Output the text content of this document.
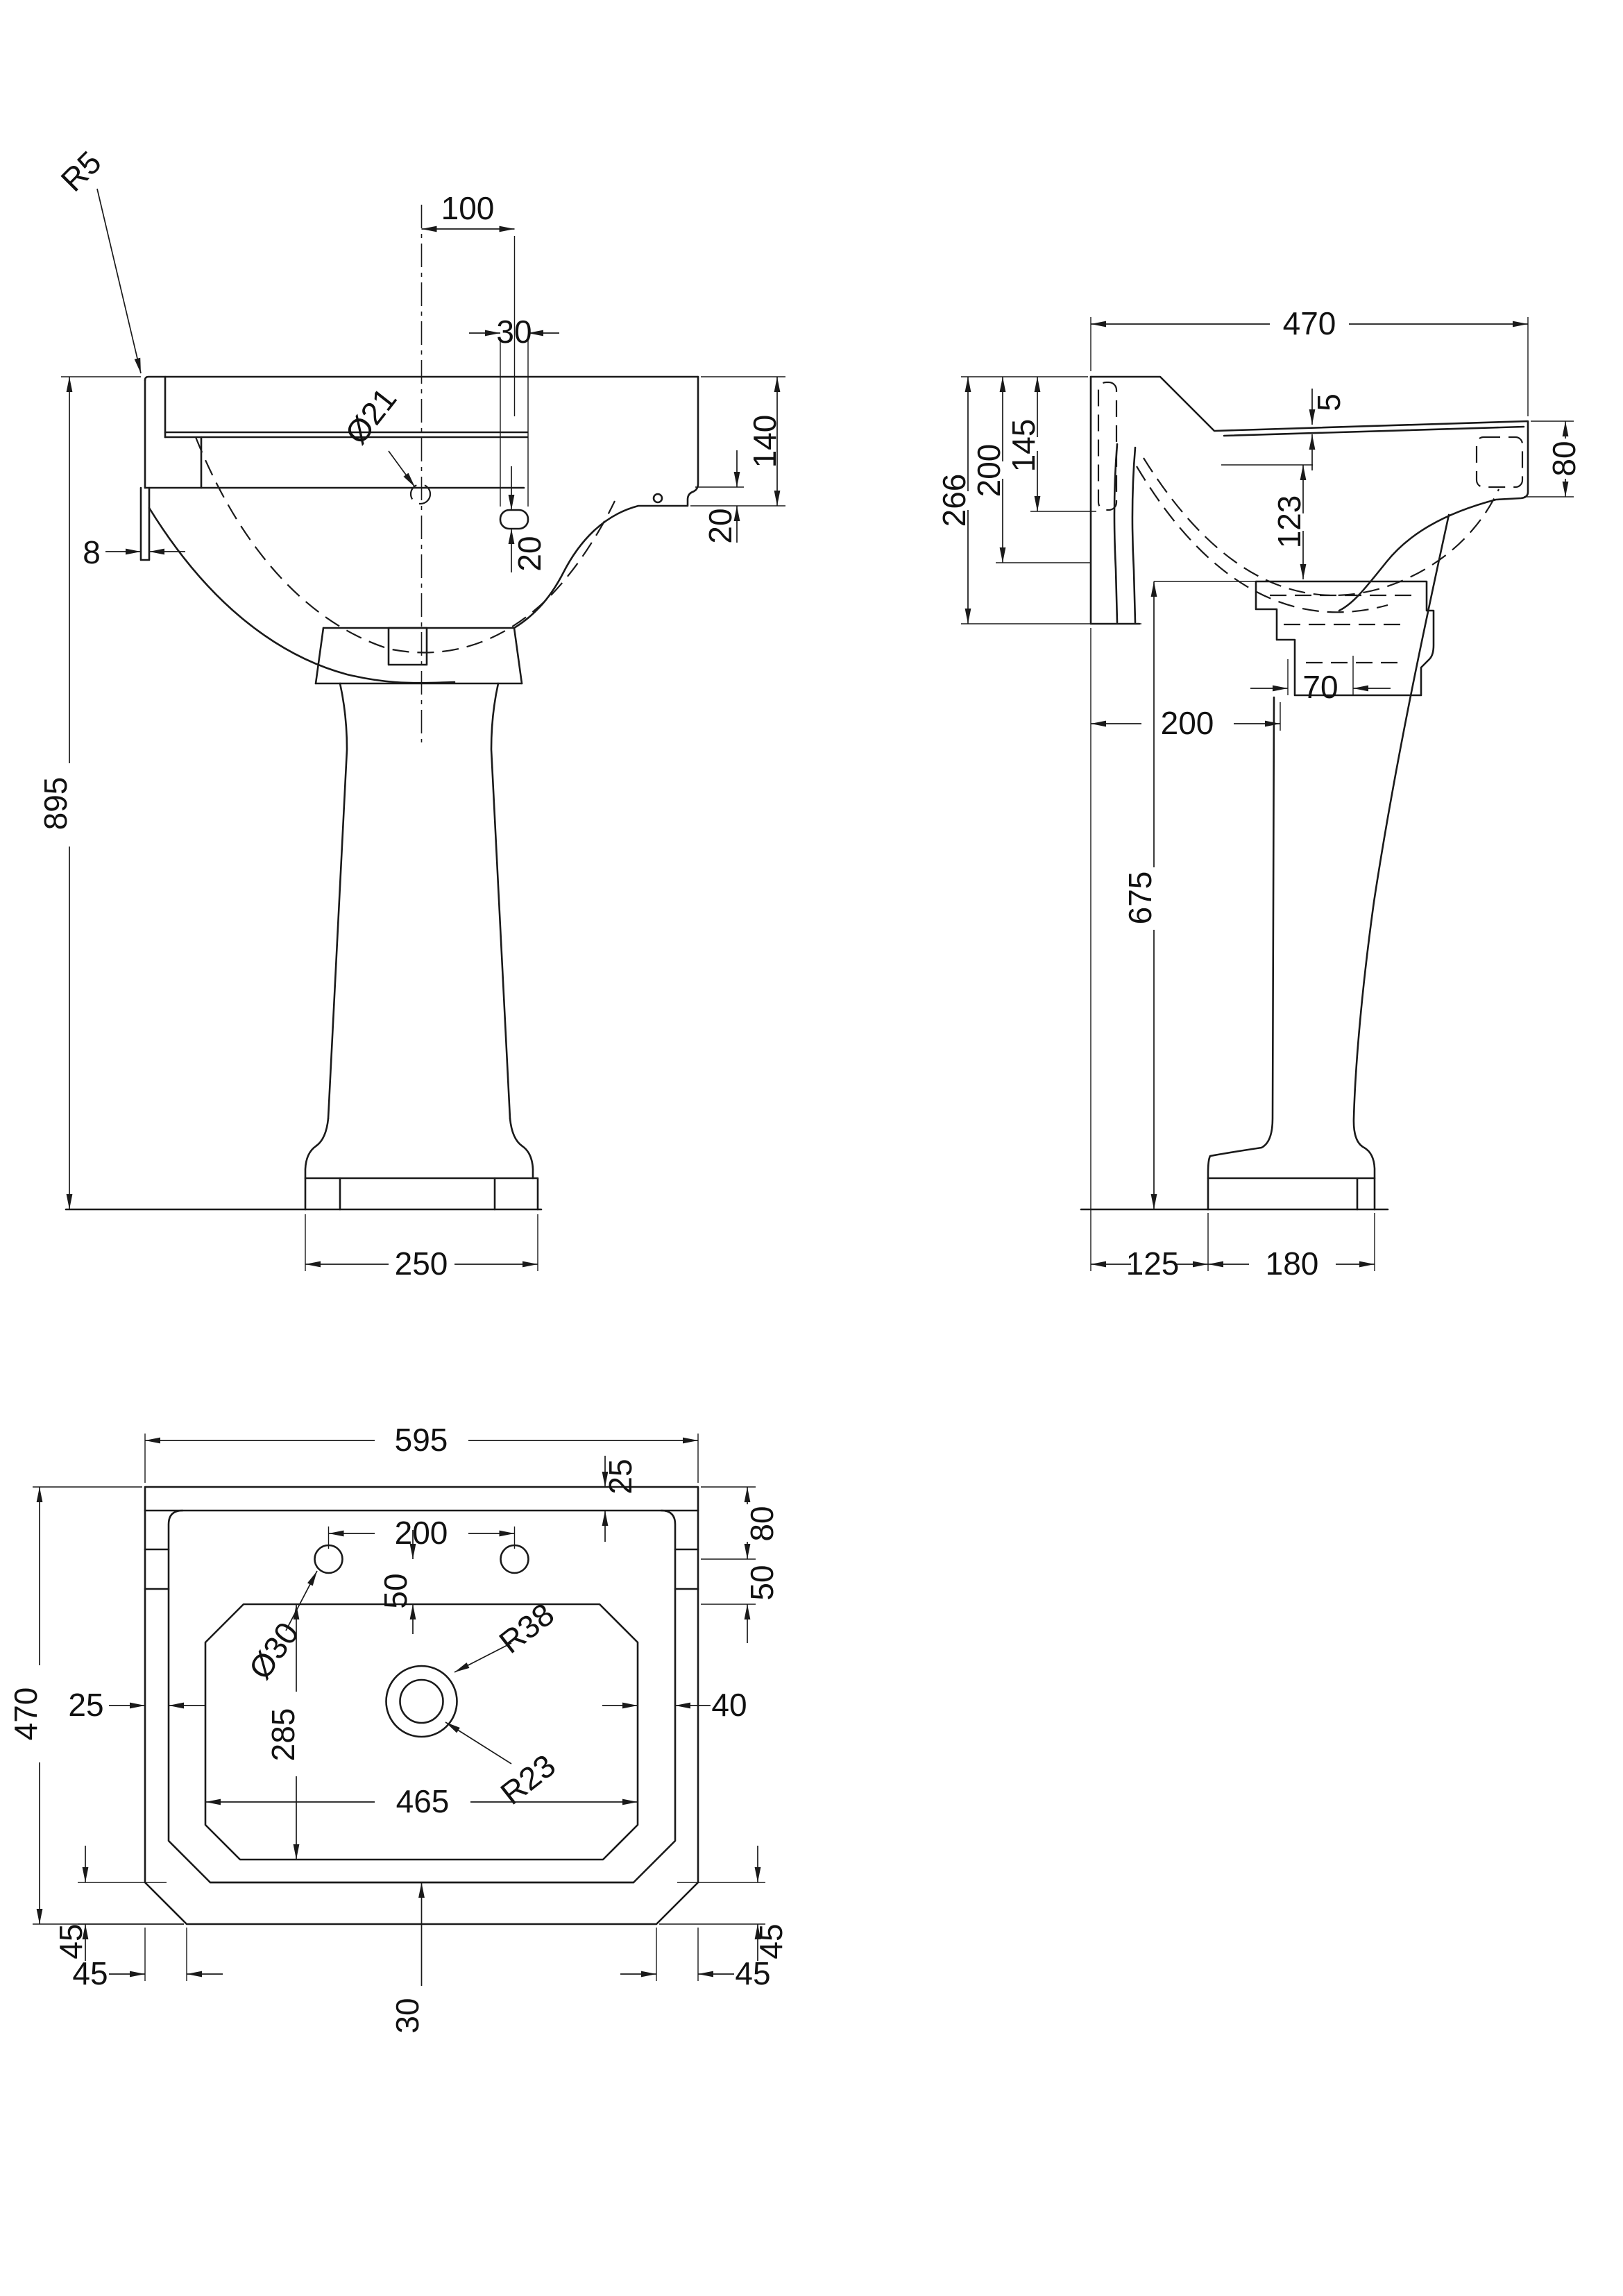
R5
Ø21
100
30
20
140
20
8
895
250
470
5
145
200
266	123
80
70
200
675
125	180
595
200
25
80
50
50
Ø30	R38
R23
25	40
285
465
45	45
45	45
30
470
